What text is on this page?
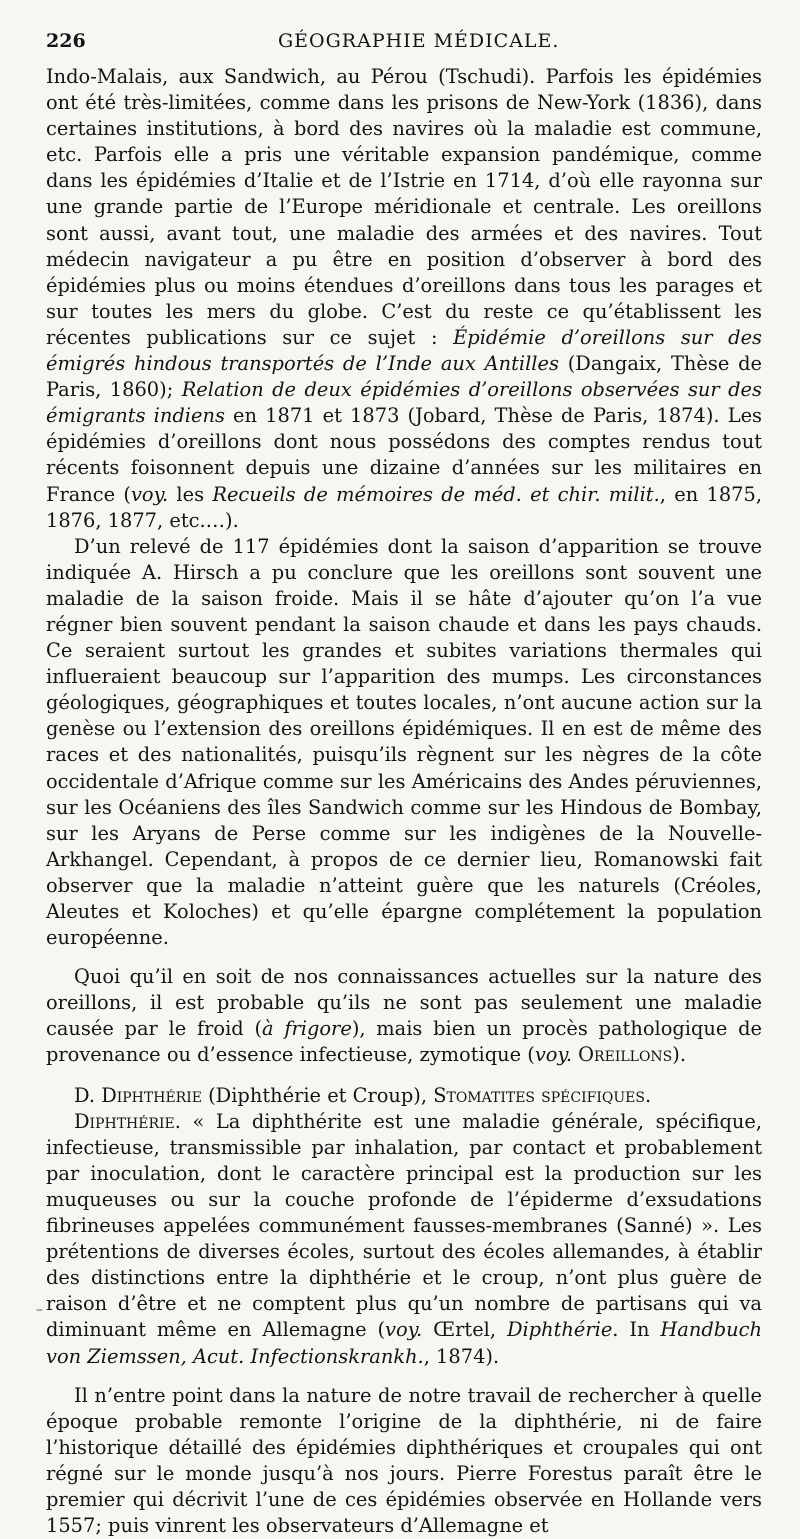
226	GÉOGRAPHIE MÉDICALE.

Indo-Malais, aux Sandwich, au Pérou (Tschudi). Parfois les épidémies ont été très-limitées, comme dans les prisons de New-York (1836), dans certaines institutions, à bord des navires où la maladie est commune, etc. Parfois elle a pris une véritable expansion pandémique, comme dans les épidémies d’Italie et de l’Istrie en 1714, d’où elle rayonna sur une grande partie de l’Europe méridionale et centrale. Les oreillons sont aussi, avant tout, une maladie des armées et des navires. Tout médecin navigateur a pu être en position d’observer à bord des épidémies plus ou moins étendues d’oreillons dans tous les parages et sur toutes les mers du globe. C’est du reste ce qu’établissent les récentes publications sur ce sujet : Épidémie d’oreillons sur des émigrés hindous transportés de l’Inde aux Antilles (Dangaix, Thèse de Paris, 1860); Relation de deux épidémies d’oreillons observées sur des émigrants indiens en 1871 et 1873 (Jobard, Thèse de Paris, 1874). Les épidémies d’oreillons dont nous possédons des comptes rendus tout récents foisonnent depuis une dizaine d’années sur les militaires en France (voy. les Recueils de mémoires de méd. et chir. milit., en 1875, 1876, 1877, etc.…).

D’un relevé de 117 épidémies dont la saison d’apparition se trouve indiquée A. Hirsch a pu conclure que les oreillons sont souvent une maladie de la saison froide. Mais il se hâte d’ajouter qu’on l’a vue régner bien souvent pendant la saison chaude et dans les pays chauds. Ce seraient surtout les grandes et subites variations thermales qui influeraient beaucoup sur l’apparition des mumps. Les circonstances géologiques, géographiques et toutes locales, n’ont aucune action sur la genèse ou l’extension des oreillons épidémiques. Il en est de même des races et des nationalités, puisqu’ils règnent sur les nègres de la côte occidentale d’Afrique comme sur les Américains des Andes péruviennes, sur les Océaniens des îles Sandwich comme sur les Hindous de Bombay, sur les Aryans de Perse comme sur les indigènes de la Nouvelle-Arkhangel. Cependant, à propos de ce dernier lieu, Romanowski fait observer que la maladie n’atteint guère que les naturels (Créoles, Aleutes et Koloches) et qu’elle épargne complétement la population européenne.

Quoi qu’il en soit de nos connaissances actuelles sur la nature des oreillons, il est probable qu’ils ne sont pas seulement une maladie causée par le froid (à frigore), mais bien un procès pathologique de provenance ou d’essence infectieuse, zymotique (voy. Oreillons).

D. Diphthérie (Diphthérie et Croup), Stomatites spécifiques.

Diphthérie. « La diphthérite est une maladie générale, spécifique, infectieuse, transmissible par inhalation, par contact et probablement par inoculation, dont le caractère principal est la production sur les muqueuses ou sur la couche profonde de l’épiderme d’exsudations fibrineuses appelées communément fausses-membranes (Sanné) ». Les prétentions de diverses écoles, surtout des écoles allemandes, à établir des distinctions entre la diphthérie et le croup, n’ont plus guère de raison d’être et ne comptent plus qu’un nombre de partisans qui va diminuant même en Allemagne (voy. Œrtel, Diphthérie. In Handbuch von Ziemssen, Acut. Infectionskrankh., 1874).

Il n’entre point dans la nature de notre travail de rechercher à quelle époque probable remonte l’origine de la diphthérie, ni de faire l’historique détaillé des épidémies diphthériques et croupales qui ont régné sur le monde jusqu’à nos jours. Pierre Forestus paraît être le premier qui décrivit l’une de ces épidémies observée en Hollande vers 1557; puis vinrent les observateurs d’Allemagne et

–
